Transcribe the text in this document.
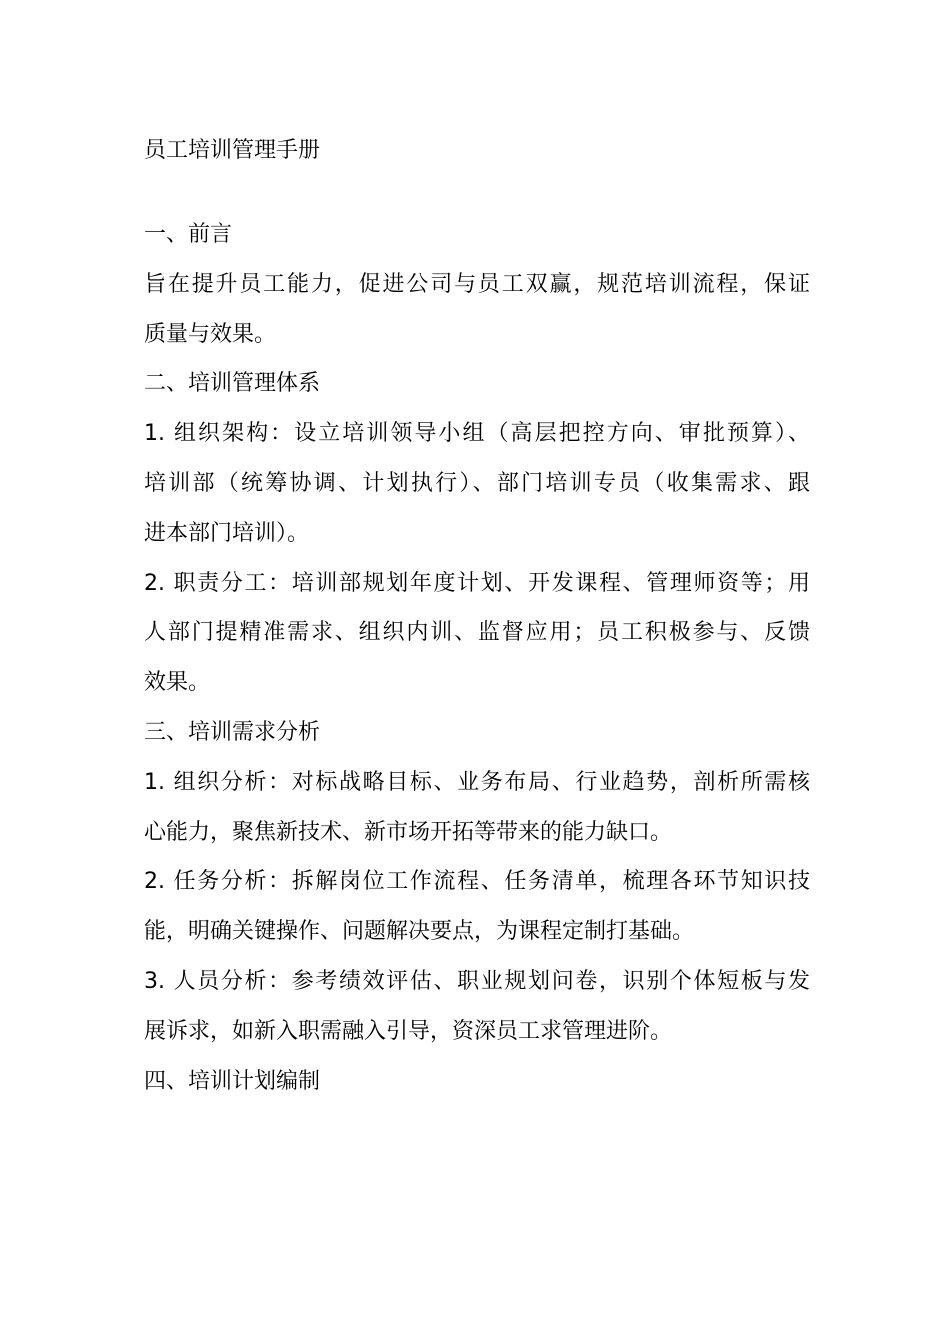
员工培训管理手册
一、前言
旨在提升员工能力，促进公司与员工双赢，规范培训流程，保证
质量与效果。
二、培训管理体系
1. 组织架构：设立培训领导小组（高层把控方向、审批预算）、
培训部（统筹协调、计划执行）、部门培训专员（收集需求、跟
进本部门培训）。
2. 职责分工：培训部规划年度计划、开发课程、管理师资等；用
人部门提精准需求、组织内训、监督应用；员工积极参与、反馈
效果。
三、培训需求分析
1. 组织分析：对标战略目标、业务布局、行业趋势，剖析所需核
心能力，聚焦新技术、新市场开拓等带来的能力缺口。
2. 任务分析：拆解岗位工作流程、任务清单，梳理各环节知识技
能，明确关键操作、问题解决要点，为课程定制打基础。
3. 人员分析：参考绩效评估、职业规划问卷，识别个体短板与发
展诉求，如新入职需融入引导，资深员工求管理进阶。
四、培训计划编制
